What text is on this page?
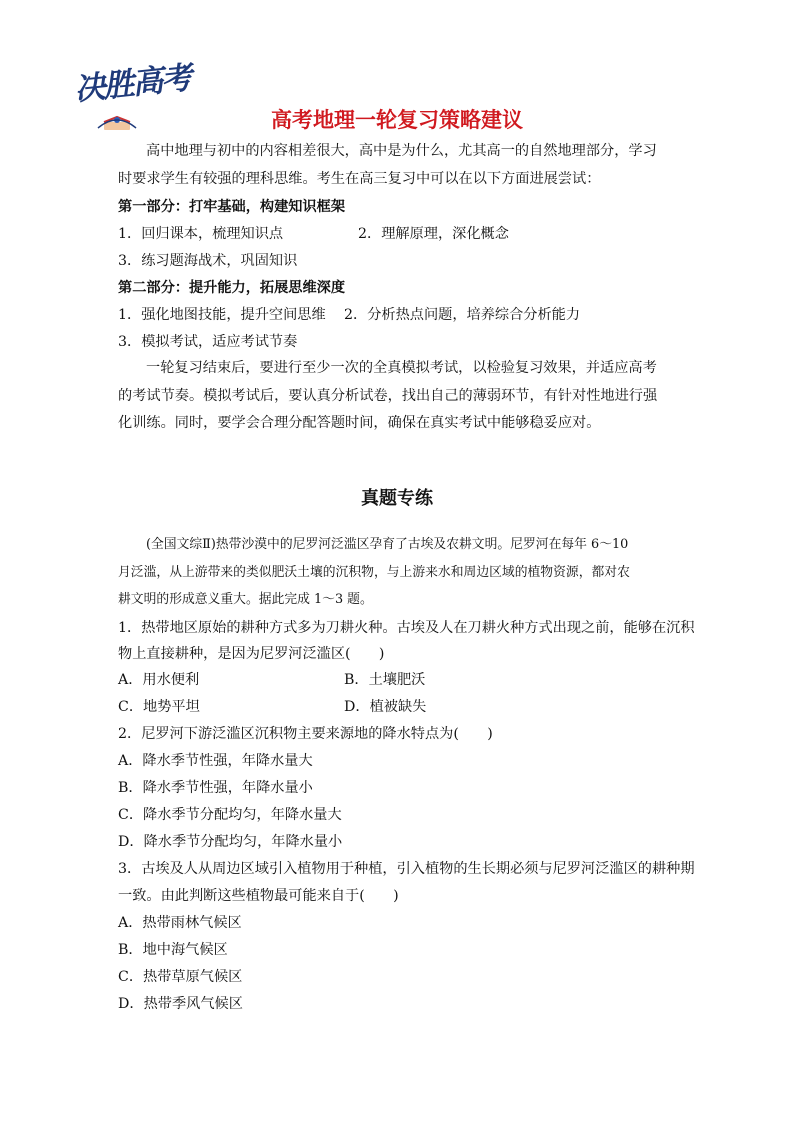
决胜高考
高考地理一轮复习策略建议
高中地理与初中的内容相差很大，高中是为什么，尤其高一的自然地理部分，学习
时要求学生有较强的理科思维。考生在高三复习中可以在以下方面进展尝试：
第一部分：打牢基础，构建知识框架
1．回归课本，梳理知识点	2．理解原理，深化概念
3．练习题海战术，巩固知识
第二部分：提升能力，拓展思维深度
1．强化地图技能，提升空间思维 2．分析热点问题，培养综合分析能力
3．模拟考试，适应考试节奏
一轮复习结束后，要进行至少一次的全真模拟考试，以检验复习效果，并适应高考
的考试节奏。模拟考试后，要认真分析试卷，找出自己的薄弱环节，有针对性地进行强
化训练。同时，要学会合理分配答题时间，确保在真实考试中能够稳妥应对。
真题专练
(全国文综Ⅱ)热带沙漠中的尼罗河泛滥区孕育了古埃及农耕文明。尼罗河在每年 6～10
月泛滥，从上游带来的类似肥沃土壤的沉积物，与上游来水和周边区域的植物资源，都对农
耕文明的形成意义重大。据此完成 1～3 题。
1．热带地区原始的耕种方式多为刀耕火种。古埃及人在刀耕火种方式出现之前，能够在沉积
物上直接耕种，是因为尼罗河泛滥区(　　)
A．用水便利	B．土壤肥沃
C．地势平坦	D．植被缺失
2．尼罗河下游泛滥区沉积物主要来源地的降水特点为(　　)
A．降水季节性强，年降水量大
B．降水季节性强，年降水量小
C．降水季节分配均匀，年降水量大
D．降水季节分配均匀，年降水量小
3．古埃及人从周边区域引入植物用于种植，引入植物的生长期必须与尼罗河泛滥区的耕种期
一致。由此判断这些植物最可能来自于(　　)
A．热带雨林气候区
B．地中海气候区
C．热带草原气候区
D．热带季风气候区
